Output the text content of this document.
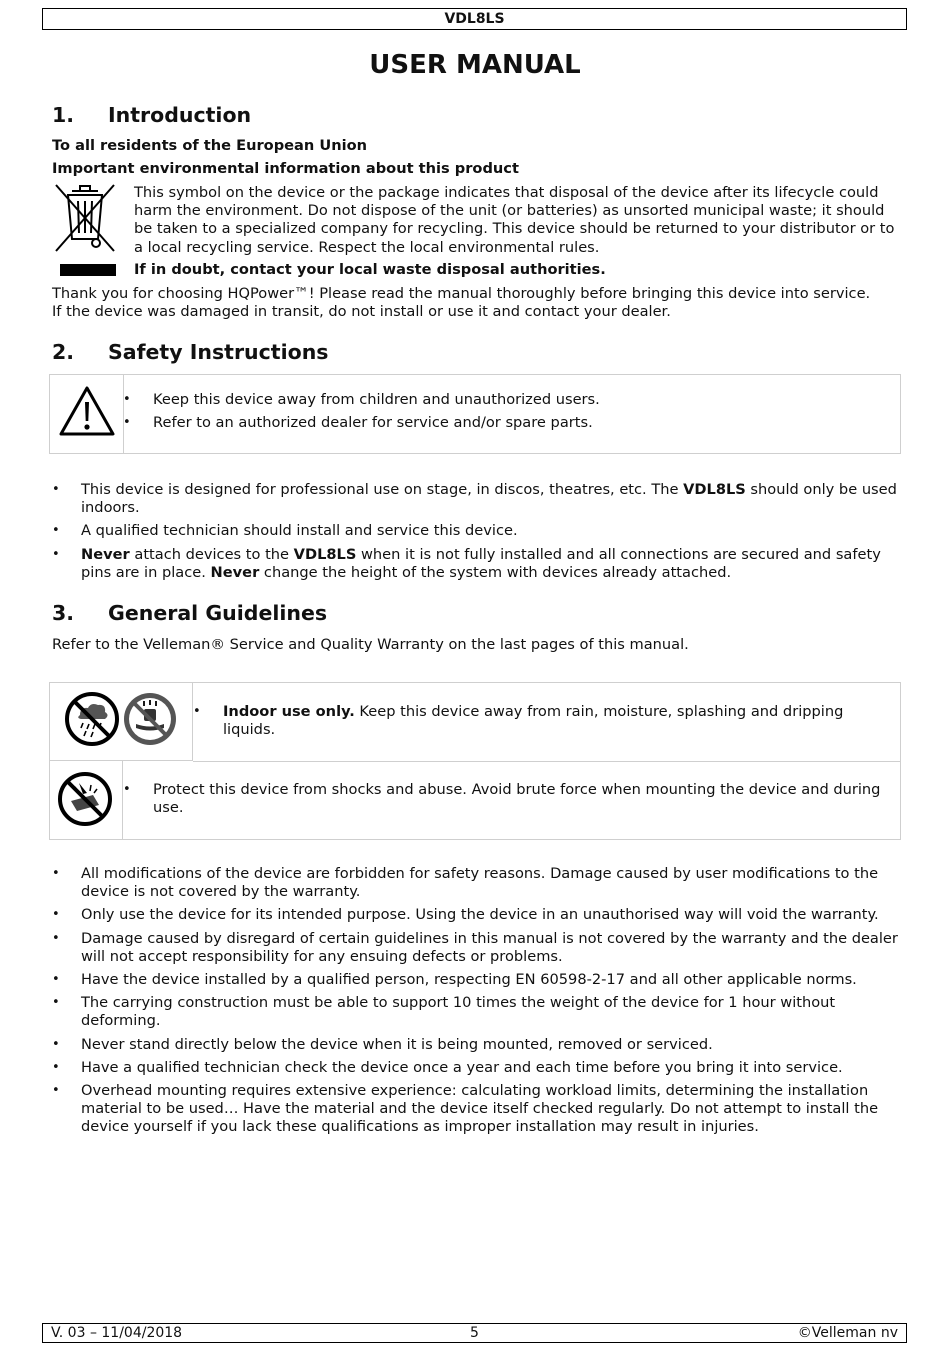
VDL8LS
USER MANUAL
1. Introduction
To all residents of the European Union
Important environmental information about this product
This symbol on the device or the package indicates that disposal of the device after its lifecycle could harm the environment. Do not dispose of the unit (or batteries) as unsorted municipal waste; it should be taken to a specialized company for recycling. This device should be returned to your distributor or to a local recycling service. Respect the local environmental rules.
If in doubt, contact your local waste disposal authorities.
Thank you for choosing HQPower™! Please read the manual thoroughly before bringing this device into service.
If the device was damaged in transit, do not install or use it and contact your dealer.
2. Safety Instructions
• Keep this device away from children and unauthorized users.
• Refer to an authorized dealer for service and/or spare parts.
• This device is designed for professional use on stage, in discos, theatres, etc. The VDL8LS should only be used indoors.
• A qualified technician should install and service this device.
• Never attach devices to the VDL8LS when it is not fully installed and all connections are secured and safety pins are in place. Never change the height of the system with devices already attached.
3. General Guidelines
Refer to the Velleman® Service and Quality Warranty on the last pages of this manual.
• Indoor use only. Keep this device away from rain, moisture, splashing and dripping liquids.
• Protect this device from shocks and abuse. Avoid brute force when mounting the device and during use.
• All modifications of the device are forbidden for safety reasons. Damage caused by user modifications to the device is not covered by the warranty.
• Only use the device for its intended purpose. Using the device in an unauthorised way will void the warranty.
• Damage caused by disregard of certain guidelines in this manual is not covered by the warranty and the dealer will not accept responsibility for any ensuing defects or problems.
• Have the device installed by a qualified person, respecting EN 60598-2-17 and all other applicable norms.
• The carrying construction must be able to support 10 times the weight of the device for 1 hour without deforming.
• Never stand directly below the device when it is being mounted, removed or serviced.
• Have a qualified technician check the device once a year and each time before you bring it into service.
• Overhead mounting requires extensive experience: calculating workload limits, determining the installation material to be used… Have the material and the device itself checked regularly. Do not attempt to install the device yourself if you lack these qualifications as improper installation may result in injuries.
5
V. 03 – 11/04/2018	©Velleman nv
